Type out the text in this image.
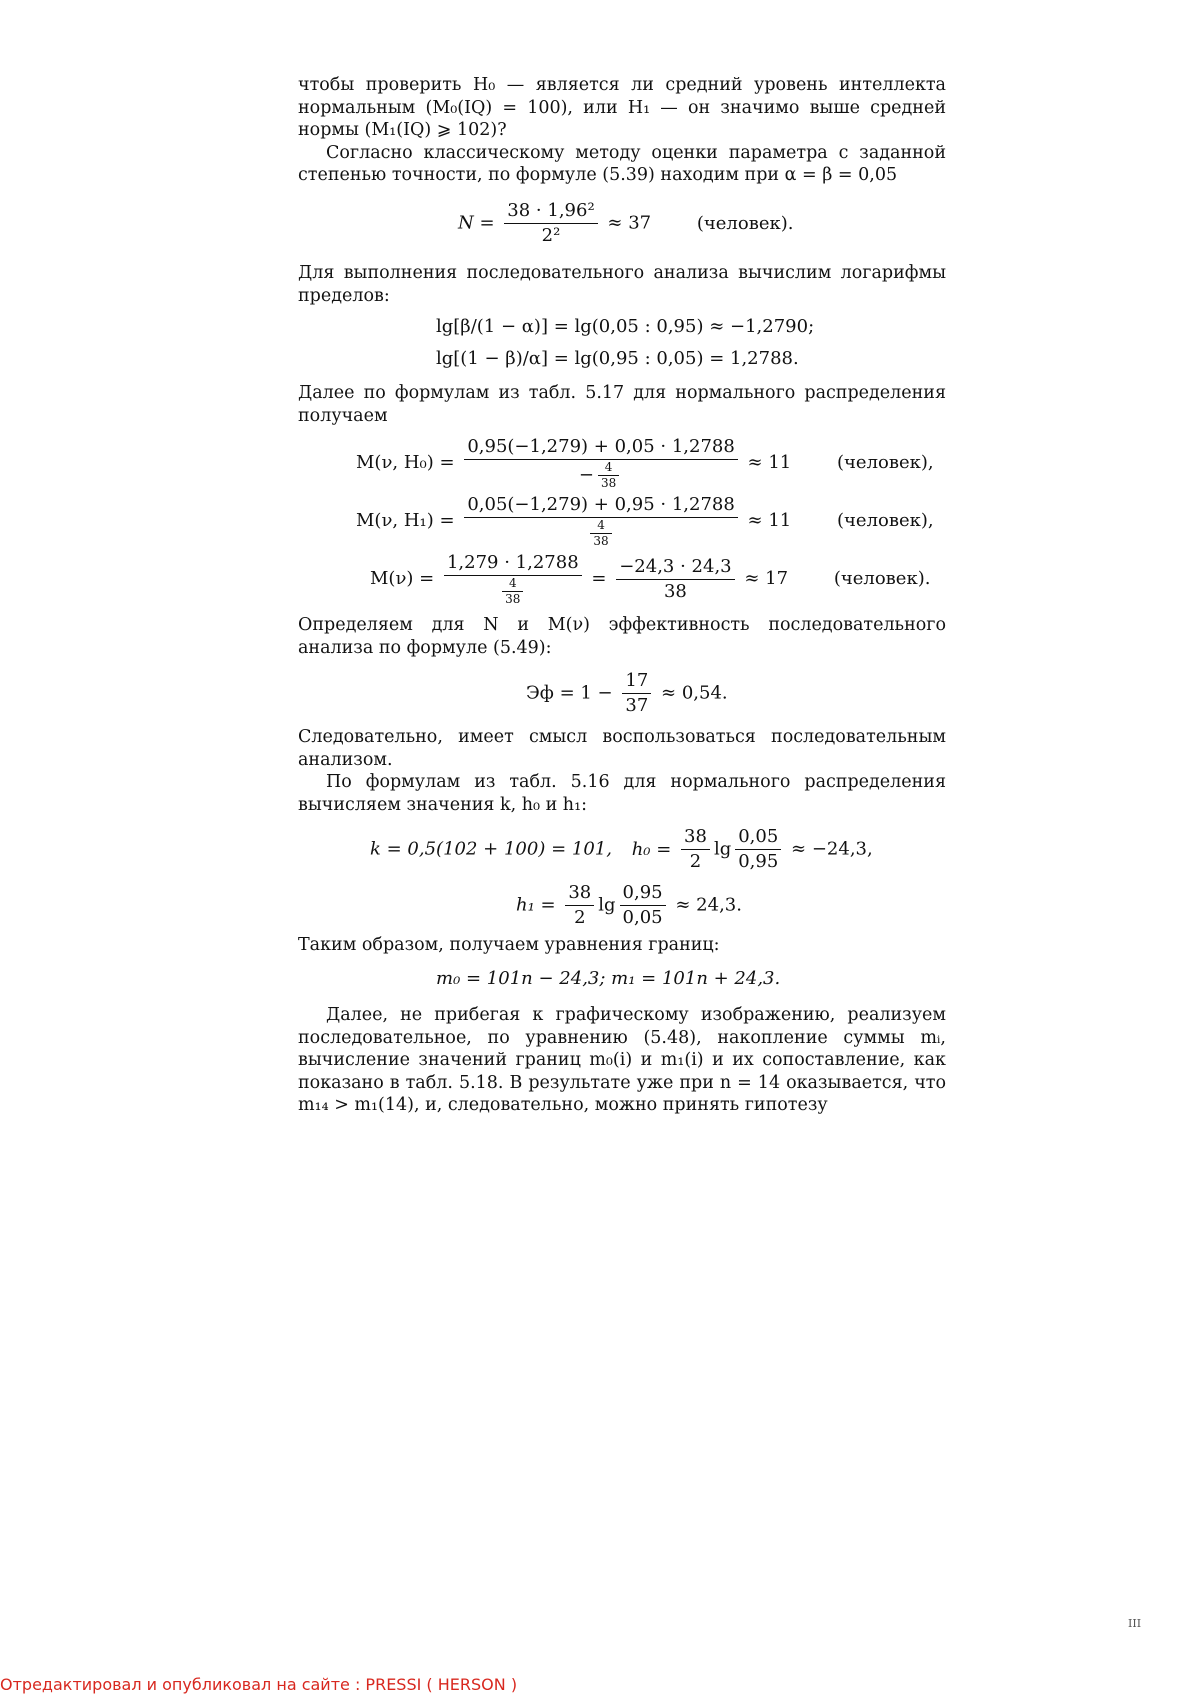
чтобы проверить H₀ — является ли средний уровень интеллекта нормальным (M₀(IQ) = 100), или H₁ — он значимо выше средней нормы (M₁(IQ) ⩾ 102)?

Согласно классическому методу оценки параметра с заданной степенью точности, по формуле (5.39) находим при α = β = 0,05

$N = \frac{\text{38 · 1,96²}}{\text{2²}} \approx 37$	(человек).

Для выполнения последовательного анализа вычислим логарифмы пределов:

lg[β/(1 − α)] = lg(0,05 : 0,95) ≈ −1,2790;
lg[(1 − β)/α] = lg(0,95 : 0,05) = 1,2788.

Далее по формулам из табл. 5.17 для нормального распределения получаем

M(ν, $H_0) = \frac{0,95(-1,279) + 0,05 \cdot 1,2788}{- \frac{4}{38}} \approx 11$	(человек),
M(ν, $H_1) = \frac{0,05(-1,279) + 0,95 \cdot 1,2788}{\frac{4}{38}} \approx 11$	(человек),
$M(\nu) = \frac{1,279 \cdot 1,2788}{\frac{4}{38}} = \frac{-24,3 \cdot 24,3}{38} \approx 17$	(человек).

Определяем для N и M(ν) эффективность последовательного анализа по формуле (5.49):

Эф = $1 - \frac{17}{37} \approx 0,54$.

Следовательно, имеет смысл воспользоваться последовательным анализом.

По формулам из табл. 5.16 для нормального распределения вычисляем значения k, h₀ и h₁:

k = 0,5(102 + 100) = 101, $h_0 = \frac{38}{2}$ $\lg \frac{0,05}{0,95} \approx -24,3$,
$h_1 = \frac{38}{2}$ $\lg \frac{0,95}{0,05} \approx 24,3$.

Таким образом, получаем уравнения границ:

m₀ = 101n − 24,3; m₁ = 101n + 24,3.

Далее, не прибегая к графическому изображению, реализуем последовательное, по уравнению (5.48), накопление суммы mᵢ, вычисление значений границ m₀(i) и m₁(i) и их сопоставление, как показано в табл. 5.18. В результате уже при n = 14 оказывается, что m₁₄ > m₁(14), и, следовательно, можно принять гипотезу

III
Отредактировал и опубликовал на сайте : PRESSI ( HERSON )
